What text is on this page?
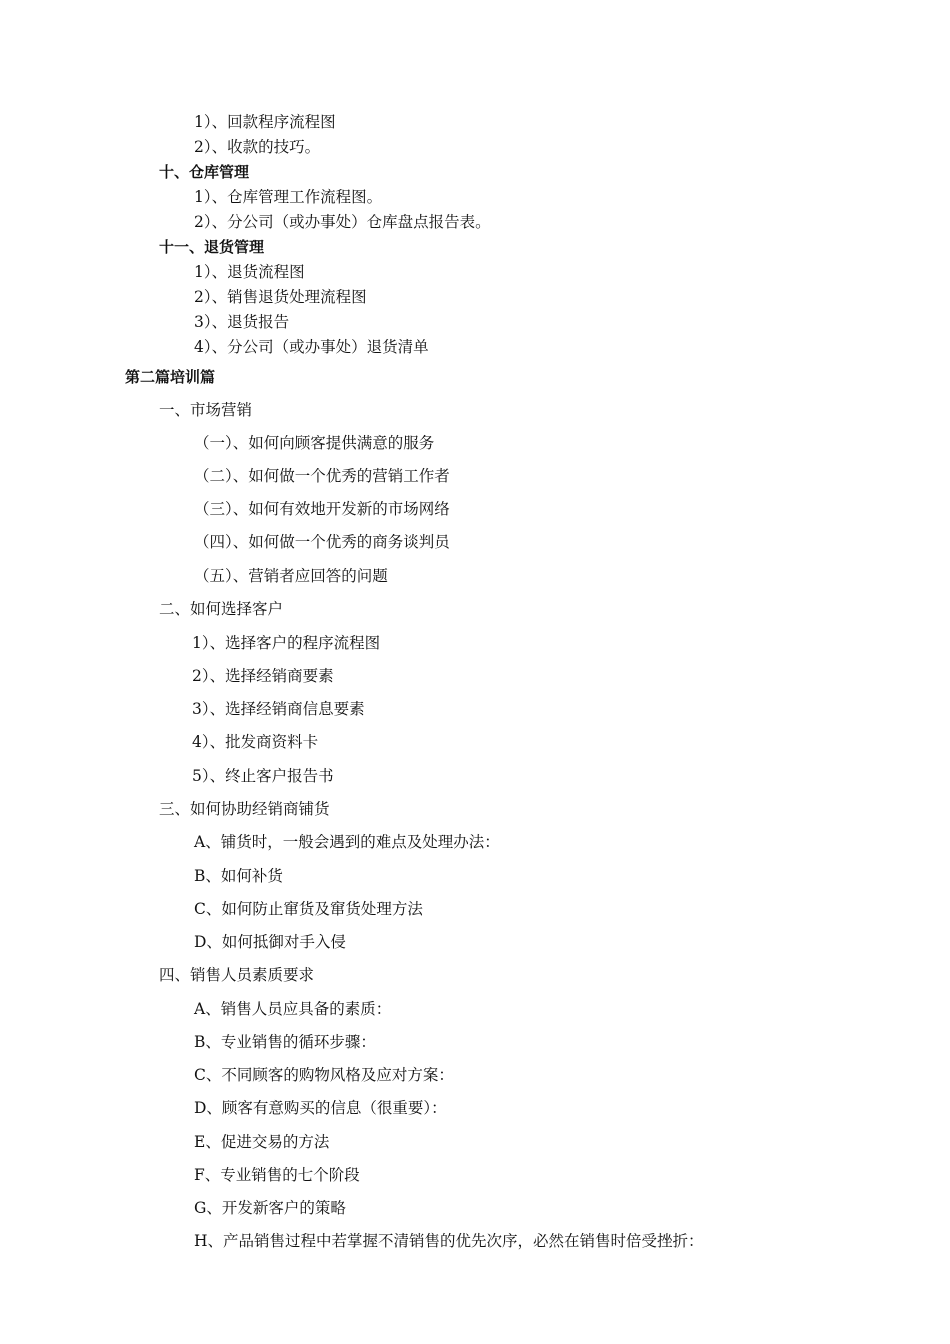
1）、回款程序流程图
2）、收款的技巧。
十、仓库管理
1）、仓库管理工作流程图。
2）、分公司（或办事处）仓库盘点报告表。
十一、退货管理
1）、退货流程图
2）、销售退货处理流程图
3）、退货报告
4）、分公司（或办事处）退货清单
第二篇培训篇
一、市场营销
（一）、如何向顾客提供满意的服务
（二）、如何做一个优秀的营销工作者
（三）、如何有效地开发新的市场网络
（四）、如何做一个优秀的商务谈判员
（五）、营销者应回答的问题
二、如何选择客户
1）、选择客户的程序流程图
2）、选择经销商要素
3）、选择经销商信息要素
4）、批发商资料卡
5）、终止客户报告书
三、如何协助经销商铺货
A、铺货时，一般会遇到的难点及处理办法：
B、如何补货
C、如何防止窜货及窜货处理方法
D、如何抵御对手入侵
四、销售人员素质要求
A、销售人员应具备的素质：
B、专业销售的循环步骤：
C、不同顾客的购物风格及应对方案：
D、顾客有意购买的信息（很重要）：
E、促进交易的方法
F、专业销售的七个阶段
G、开发新客户的策略
H、产品销售过程中若掌握不清销售的优先次序，必然在销售时倍受挫折：
